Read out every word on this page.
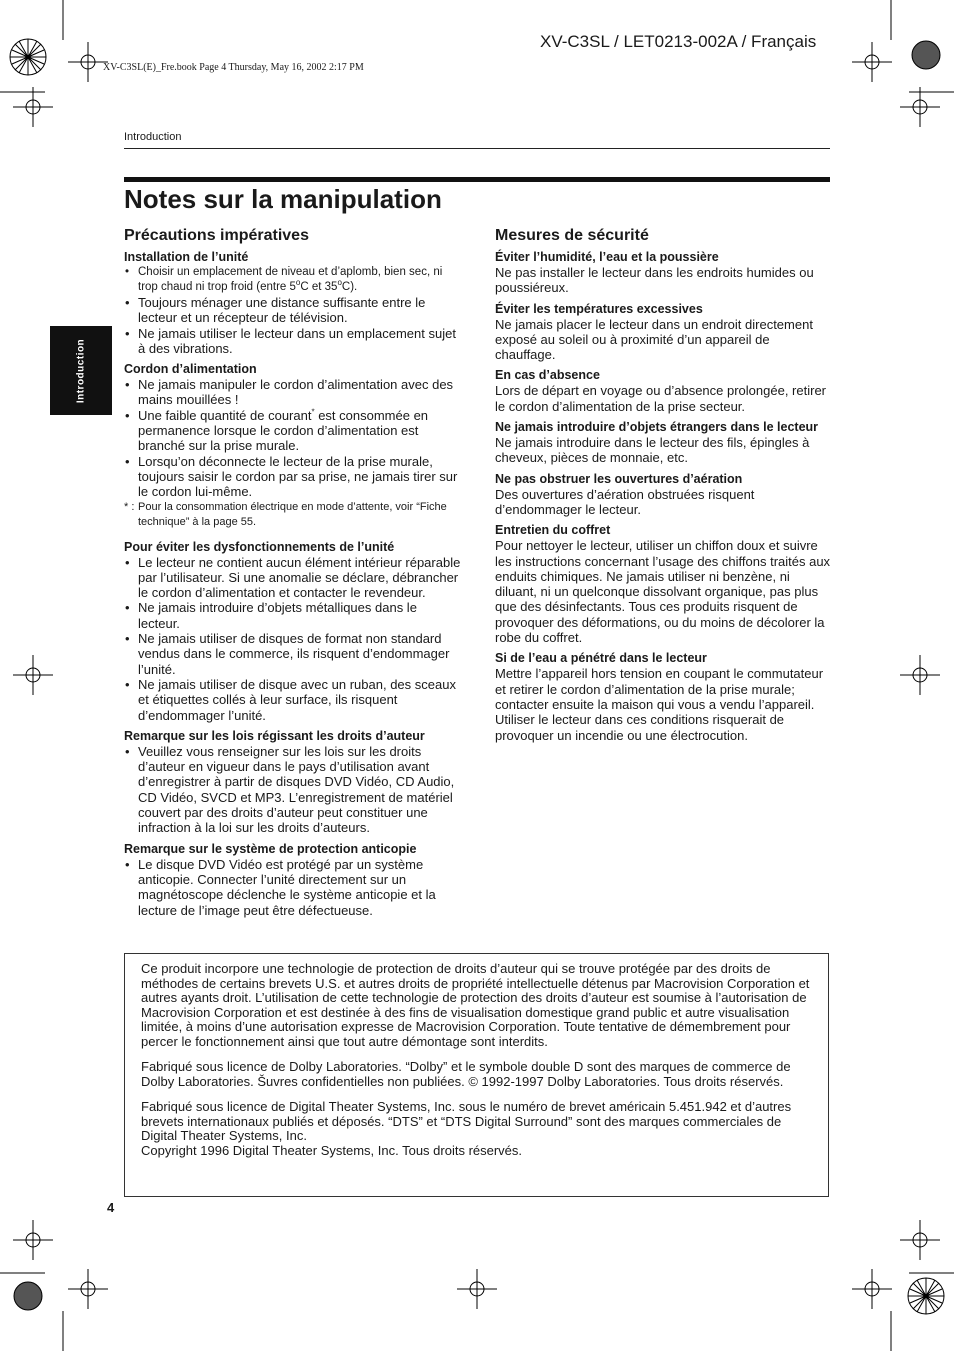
XV-C3SL / LET0213-002A / Français
XV-C3SL(E)_Fre.book Page 4 Thursday, May 16, 2002 2:17 PM
Introduction
Introduction
Notes sur la manipulation
Précautions impératives
Installation de l’unité
• Choisir un emplacement de niveau et d’aplomb, bien sec, ni trop chaud ni trop froid (entre 5$^o$C et 35$^o$C).
• Toujours ménager une distance suffisante entre le lecteur et un récepteur de télévision.
• Ne jamais utiliser le lecteur dans un emplacement sujet à des vibrations.
Cordon d’alimentation
• Ne jamais manipuler le cordon d’alimentation avec des mains mouillées !
• Une faible quantité de courant* est consommée en permanence lorsque le cordon d’alimentation est branché sur la prise murale.
• Lorsqu’on déconnecte le lecteur de la prise murale, toujours saisir le cordon par sa prise, ne jamais tirer sur le cordon lui-même.
* : Pour la consommation électrique en mode d’attente, voir “Fiche technique” à la page 55.
Pour éviter les dysfonctionnements de l’unité
• Le lecteur ne contient aucun élément intérieur réparable par l’utilisateur. Si une anomalie se déclare, débrancher le cordon d’alimentation et contacter le revendeur.
• Ne jamais introduire d’objets métalliques dans le lecteur.
• Ne jamais utiliser de disques de format non standard vendus dans le commerce, ils risquent d’endommager l’unité.
• Ne jamais utiliser de disque avec un ruban, des sceaux et étiquettes collés à leur surface, ils risquent d’endommager l’unité.
Remarque sur les lois régissant les droits d’auteur
• Veuillez vous renseigner sur les lois sur les droits d’auteur en vigueur dans le pays d’utilisation avant d’enregistrer à partir de disques DVD Vidéo, CD Audio, CD Vidéo, SVCD et MP3. L’enregistrement de matériel couvert par des droits d’auteur peut constituer une infraction à la loi sur les droits d’auteurs.
Remarque sur le système de protection anticopie
• Le disque DVD Vidéo est protégé par un système anticopie. Connecter l’unité directement sur un magnétoscope déclenche le système anticopie et la lecture de l’image peut être défectueuse.
Mesures de sécurité
Éviter l’humidité, l’eau et la poussière

Ne pas installer le lecteur dans les endroits humides ou poussiéreux.

Éviter les températures excessives

Ne jamais placer le lecteur dans un endroit directement exposé au soleil ou à proximité d’un appareil de chauffage.

En cas d’absence

Lors de départ en voyage ou d’absence prolongée, retirer le cordon d’alimentation de la prise secteur.

Ne jamais introduire d’objets étrangers dans le lecteur

Ne jamais introduire dans le lecteur des fils, épingles à cheveux, pièces de monnaie, etc.

Ne pas obstruer les ouvertures d’aération

Des ouvertures d’aération obstruées risquent d’endommager le lecteur.

Entretien du coffret

Pour nettoyer le lecteur, utiliser un chiffon doux et suivre les instructions concernant l’usage des chiffons traités aux enduits chimiques. Ne jamais utiliser ni benzène, ni diluant, ni un quelconque dissolvant organique, pas plus que des désinfectants. Tous ces produits risquent de provoquer des déformations, ou du moins de décolorer la robe du coffret.

Si de l’eau a pénétré dans le lecteur

Mettre l’appareil hors tension en coupant le commutateur et retirer le cordon d’alimentation de la prise murale; contacter ensuite la maison qui vous a vendu l’appareil. Utiliser le lecteur dans ces conditions risquerait de provoquer un incendie ou une électrocution.

Ce produit incorpore une technologie de protection de droits d’auteur qui se trouve protégée par des droits de méthodes de certains brevets U.S. et autres droits de propriété intellectuelle détenus par Macrovision Corporation et autres ayants droit. L’utilisation de cette technologie de protection des droits d’auteur est soumise à l’autorisation de Macrovision Corporation et est destinée à des fins de visualisation domestique grand public et autre visualisation limitée, à moins d’une autorisation expresse de Macrovision Corporation. Toute tentative de démembrement pour percer le fonctionnement ainsi que tout autre démontage sont interdits.

Fabriqué sous licence de Dolby Laboratories. “Dolby” et le symbole double D sont des marques de commerce de Dolby Laboratories. Šuvres confidentielles non publiées. © 1992-1997 Dolby Laboratories. Tous droits réservés.

Fabriqué sous licence de Digital Theater Systems, Inc. sous le numéro de brevet américain 5.451.942 et d’autres brevets internationaux publiés et déposés. “DTS” et “DTS Digital Surround” sont des marques commerciales de Digital Theater Systems, Inc.

Copyright 1996 Digital Theater Systems, Inc. Tous droits réservés.

4
